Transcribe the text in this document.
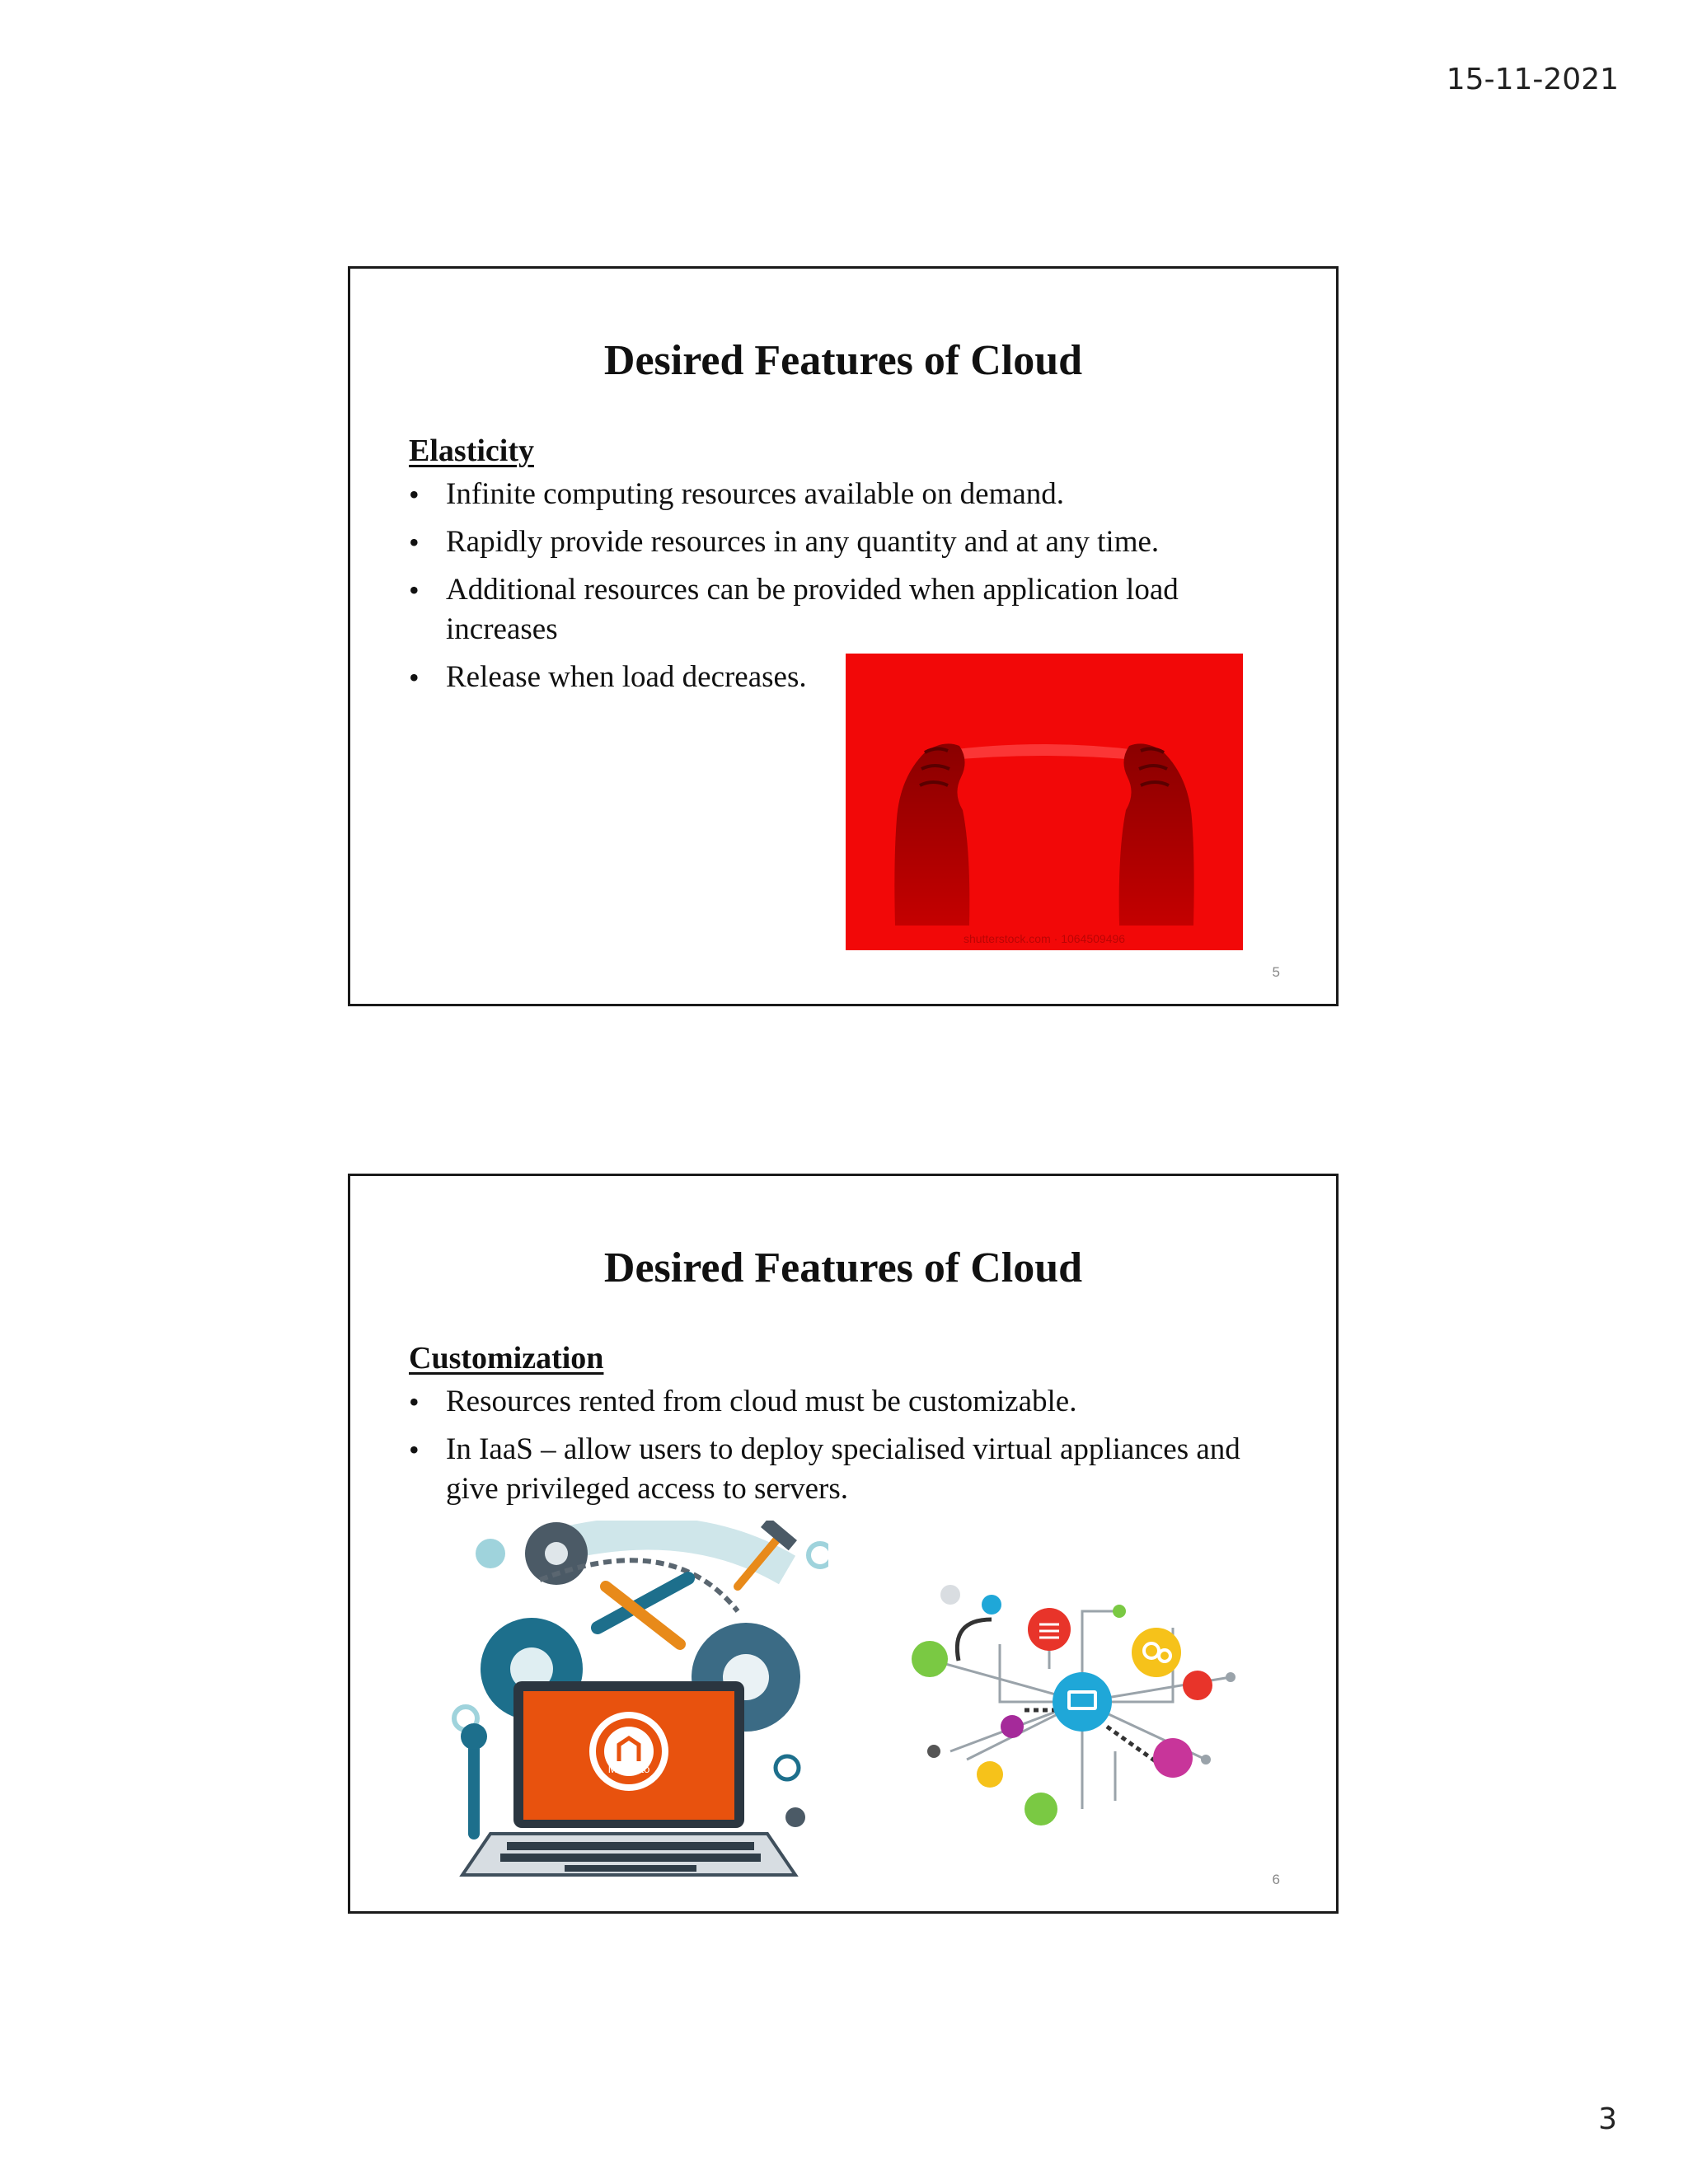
15-11-2021
Desired Features of Cloud
Elasticity
• Infinite computing resources available on demand.
• Rapidly provide resources in any quantity and at any time.
• Additional resources can be provided when application load increases
• Release when load decreases.
shutterstock.com · 1064509496
5
Desired Features of Cloud
Customization
• Resources rented from cloud must be customizable.
• In IaaS – allow users to deploy specialised virtual appliances and give privileged access to servers.
Magento
6
3
